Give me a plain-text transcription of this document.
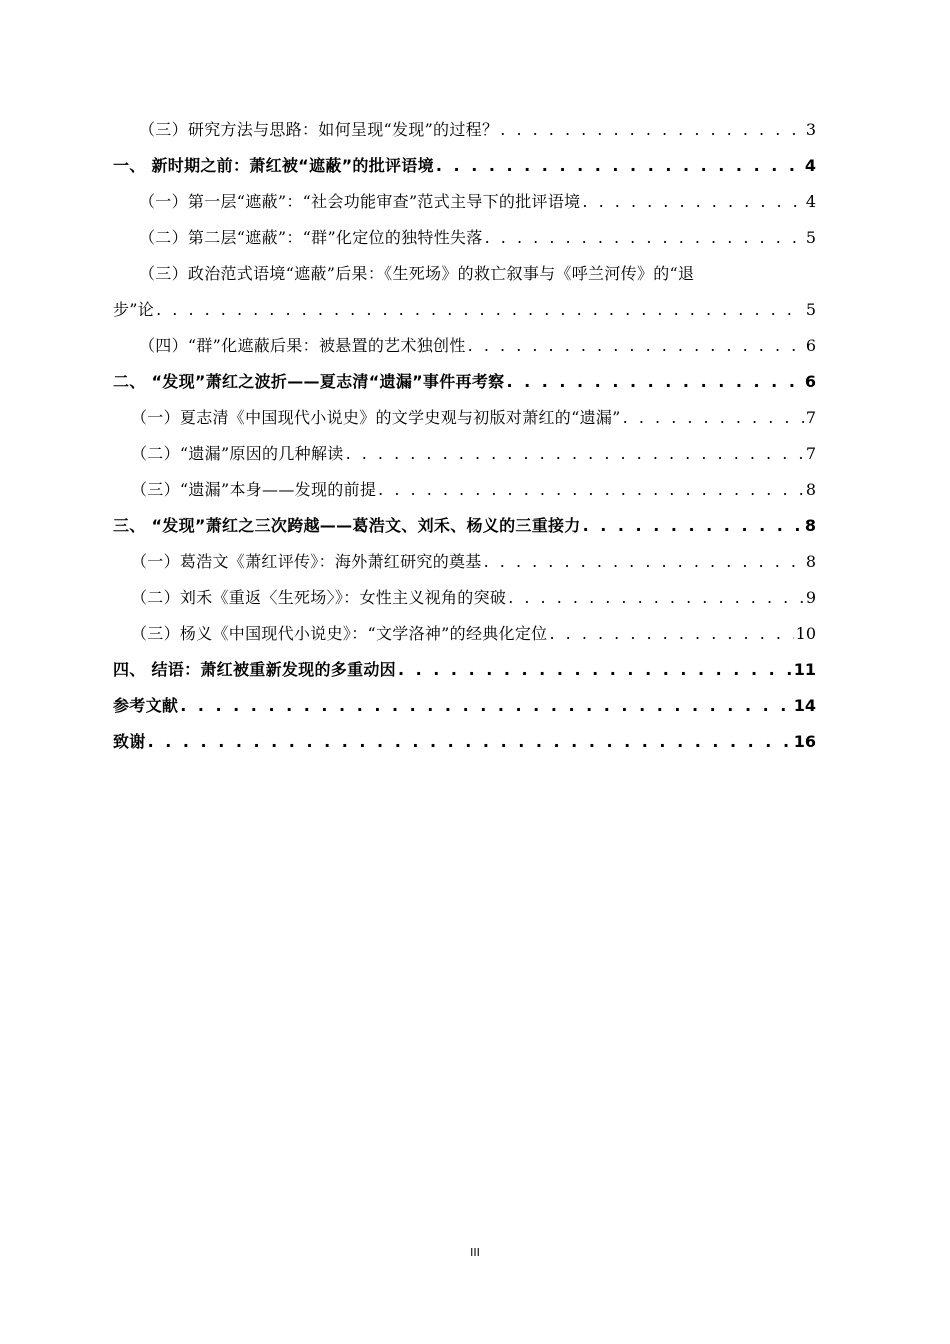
（三）研究方法与思路：如何呈现“发现”的过程？ . . .	3
一、 新时期之前：萧红被“遮蔽”的批评语境 . . .	4
（一）第一层“遮蔽”：“社会功能审查”范式主导下的批评语境 . . .	4
（二）第二层“遮蔽”：“群”化定位的独特性失落 . . .	5
（三）政治范式语境“遮蔽”后果：《生死场》的救亡叙事与《呼兰河传》的“退
步”论 . . .	5
（四）“群”化遮蔽后果：被悬置的艺术独创性 . . .	6
二、 “发现”萧红之波折——夏志清“遗漏”事件再考察 . . .	6
（一）夏志清《中国现代小说史》的文学史观与初版对萧红的“遗漏” . . .	7
（二）“遗漏”原因的几种解读 . . .	7
（三）“遗漏”本身——发现的前提 . . .	8
三、 “发现”萧红之三次跨越——葛浩文、刘禾、杨义的三重接力 . . .	8
（一）葛浩文《萧红评传》：海外萧红研究的奠基 . . .	8
（二）刘禾《重返〈生死场〉》：女性主义视角的突破 . . .	9
（三）杨义《中国现代小说史》：“文学洛神”的经典化定位 . . .	10
四、 结语：萧红被重新发现的多重动因 . . .	11
参考文献 . . .	14
致谢 . . .	16
III
